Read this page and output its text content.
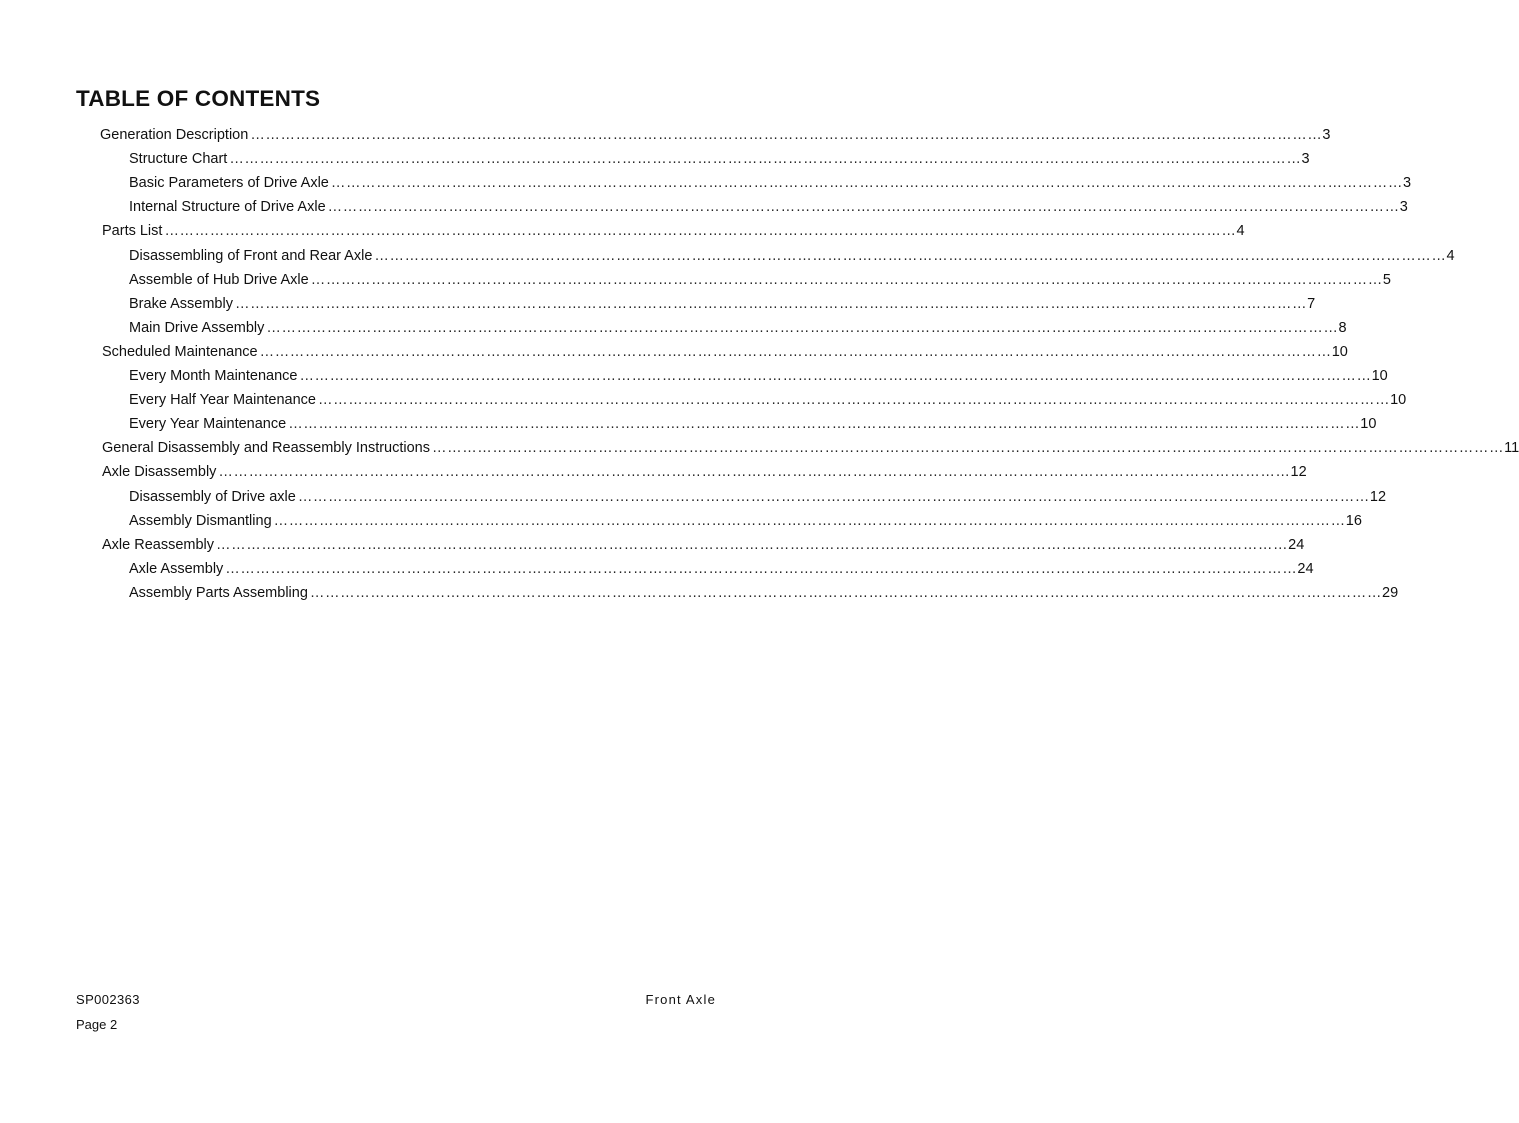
TABLE OF CONTENTS
Generation Description …………………………………………………………………………………………………………………………………………………………………………………………… 3
Structure Chart …………………………………………………………………………………………………………………………………………………………………………………………… 3
Basic Parameters of Drive Axle …………………………………………………………………………………………………………………………………………………………………………………………… 3
Internal Structure of Drive Axle …………………………………………………………………………………………………………………………………………………………………………………………… 3
Parts List …………………………………………………………………………………………………………………………………………………………………………………………… 4
Disassembling of Front and Rear Axle …………………………………………………………………………………………………………………………………………………………………………………………… 4
Assemble of Hub Drive Axle …………………………………………………………………………………………………………………………………………………………………………………………… 5
Brake Assembly …………………………………………………………………………………………………………………………………………………………………………………………… 7
Main Drive Assembly …………………………………………………………………………………………………………………………………………………………………………………………… 8
Scheduled Maintenance …………………………………………………………………………………………………………………………………………………………………………………………… 10
Every Month Maintenance …………………………………………………………………………………………………………………………………………………………………………………………… 10
Every Half Year Maintenance …………………………………………………………………………………………………………………………………………………………………………………………… 10
Every Year Maintenance …………………………………………………………………………………………………………………………………………………………………………………………… 10
General Disassembly and Reassembly Instructions …………………………………………………………………………………………………………………………………………………………………………………………… 11
Axle Disassembly …………………………………………………………………………………………………………………………………………………………………………………………… 12
Disassembly of Drive axle …………………………………………………………………………………………………………………………………………………………………………………………… 12
Assembly Dismantling …………………………………………………………………………………………………………………………………………………………………………………………… 16
Axle Reassembly …………………………………………………………………………………………………………………………………………………………………………………………… 24
Axle Assembly …………………………………………………………………………………………………………………………………………………………………………………………… 24
Assembly Parts Assembling …………………………………………………………………………………………………………………………………………………………………………………………… 29
SP002363	Front Axle
Page 2
